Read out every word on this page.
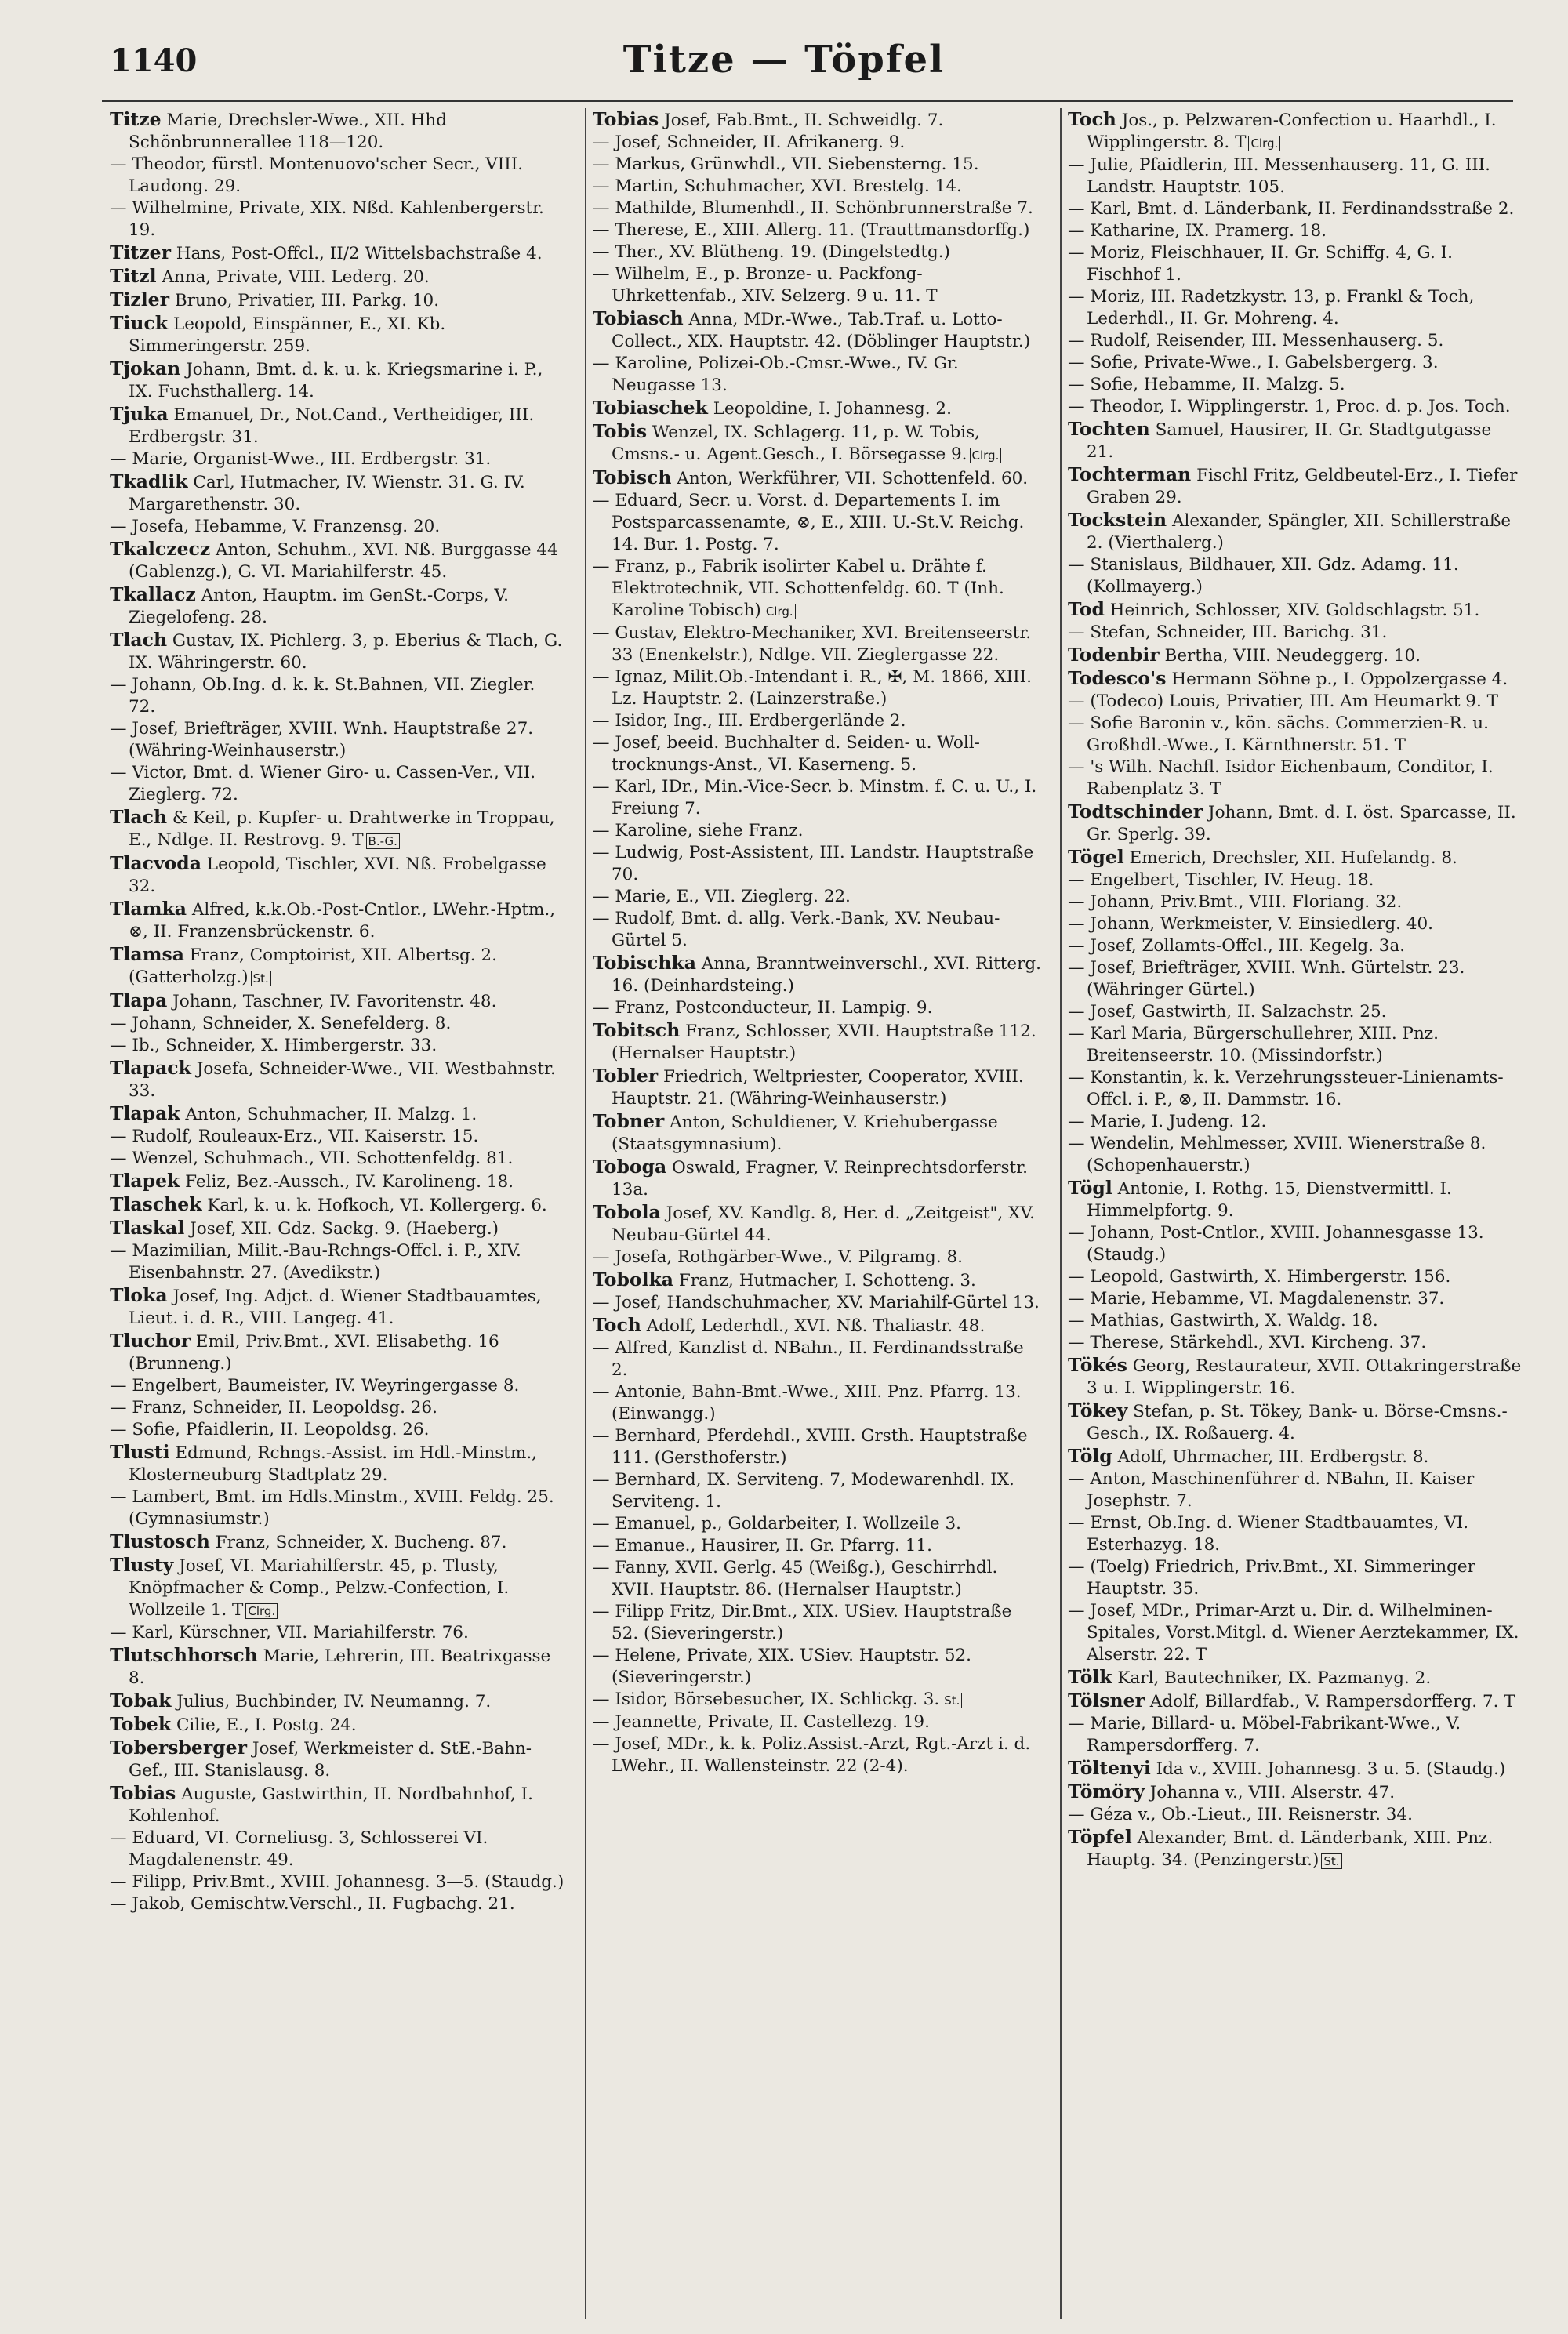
1140	Titze — Töpfel

Titze Marie, Drechsler-Wwe., XII. Hhd Schönbrunnerallee 118—120.

— Theodor, fürstl. Montenuovo'scher Secr., VIII. Laudong. 29.

— Wilhelmine, Private, XIX. Nßd. Kahlenbergerstr. 19.

Titzer Hans, Post-Offcl., II/2 Wittelsbachstraße 4.

Titzl Anna, Private, VIII. Lederg. 20.

Tizler Bruno, Privatier, III. Parkg. 10.

Tiuck Leopold, Einspänner, E., XI. Kb. Simmeringerstr. 259.

Tjokan Johann, Bmt. d. k. u. k. Kriegsmarine i. P., IX. Fuchsthallerg. 14.

Tjuka Emanuel, Dr., Not.Cand., Vertheidiger, III. Erdbergstr. 31.

— Marie, Organist-Wwe., III. Erdbergstr. 31.

Tkadlik Carl, Hutmacher, IV. Wienstr. 31. G. IV. Margarethenstr. 30.

— Josefa, Hebamme, V. Franzensg. 20.

Tkalczecz Anton, Schuhm., XVI. Nß. Burggasse 44 (Gablenzg.), G. VI. Mariahilferstr. 45.

Tkallacz Anton, Hauptm. im GenSt.-Corps, V. Ziegelofeng. 28.

Tlach Gustav, IX. Pichlerg. 3, p. Eberius & Tlach, G. IX. Währingerstr. 60.

— Johann, Ob.Ing. d. k. k. St.Bahnen, VII. Ziegler. 72.

— Josef, Briefträger, XVIII. Wnh. Hauptstraße 27. (Währing-Weinhauserstr.)

— Victor, Bmt. d. Wiener Giro- u. Cassen-Ver., VII. Zieglerg. 72.

Tlach & Keil, p. Kupfer- u. Drahtwerke in Troppau, E., Ndlge. II. Restrovg. 9. T B.-G.

Tlacvoda Leopold, Tischler, XVI. Nß. Frobelgasse 32.

Tlamka Alfred, k.k.Ob.-Post-Cntlor., LWehr.-Hptm., ⊗, II. Franzensbrückenstr. 6.

Tlamsa Franz, Comptoirist, XII. Albertsg. 2. (Gatterholzg.) St.

Tlapa Johann, Taschner, IV. Favoritenstr. 48.

— Johann, Schneider, X. Senefelderg. 8.

— Ib., Schneider, X. Himbergerstr. 33.

Tlapack Josefa, Schneider-Wwe., VII. Westbahnstr. 33.

Tlapak Anton, Schuhmacher, II. Malzg. 1.

— Rudolf, Rouleaux-Erz., VII. Kaiserstr. 15.

— Wenzel, Schuhmach., VII. Schottenfeldg. 81.

Tlapek Feliz, Bez.-Aussch., IV. Karolineng. 18.

Tlaschek Karl, k. u. k. Hofkoch, VI. Kollergerg. 6.

Tlaskal Josef, XII. Gdz. Sackg. 9. (Haeberg.)

— Mazimilian, Milit.-Bau-Rchngs-Offcl. i. P., XIV. Eisenbahnstr. 27. (Avedikstr.)

Tloka Josef, Ing. Adjct. d. Wiener Stadtbauamtes, Lieut. i. d. R., VIII. Langeg. 41.

Tluchor Emil, Priv.Bmt., XVI. Elisabethg. 16 (Brunneng.)

— Engelbert, Baumeister, IV. Weyringergasse 8.

— Franz, Schneider, II. Leopoldsg. 26.

— Sofie, Pfaidlerin, II. Leopoldsg. 26.

Tlusti Edmund, Rchngs.-Assist. im Hdl.-Minstm., Klosterneuburg Stadtplatz 29.

— Lambert, Bmt. im Hdls.Minstm., XVIII. Feldg. 25. (Gymnasiumstr.)

Tlustosch Franz, Schneider, X. Bucheng. 87.

Tlusty Josef, VI. Mariahilferstr. 45, p. Tlusty, Knöpfmacher & Comp., Pelzw.-Confection, I. Wollzeile 1. T Clrg.

— Karl, Kürschner, VII. Mariahilferstr. 76.

Tlutschhorsch Marie, Lehrerin, III. Beatrixgasse 8.

Tobak Julius, Buchbinder, IV. Neumanng. 7.

Tobek Cilie, E., I. Postg. 24.

Tobersberger Josef, Werkmeister d. StE.-Bahn-Gef., III. Stanislausg. 8.

Tobias Auguste, Gastwirthin, II. Nordbahnhof, I. Kohlenhof.

— Eduard, VI. Corneliusg. 3, Schlosserei VI. Magdalenenstr. 49.

— Filipp, Priv.Bmt., XVIII. Johannesg. 3—5. (Staudg.)

— Jakob, Gemischtw.Verschl., II. Fugbachg. 21.

Tobias Josef, Fab.Bmt., II. Schweidlg. 7.

— Josef, Schneider, II. Afrikanerg. 9.

— Markus, Grünwhdl., VII. Siebensterng. 15.

— Martin, Schuhmacher, XVI. Brestelg. 14.

— Mathilde, Blumenhdl., II. Schönbrunnerstraße 7.

— Therese, E., XIII. Allerg. 11. (Trauttmansdorffg.)

— Ther., XV. Blütheng. 19. (Dingelstedtg.)

— Wilhelm, E., p. Bronze- u. Packfong-Uhrkettenfab., XIV. Selzerg. 9 u. 11. T

Tobiasch Anna, MDr.-Wwe., Tab.Traf. u. Lotto-Collect., XIX. Hauptstr. 42. (Döblinger Hauptstr.)

— Karoline, Polizei-Ob.-Cmsr.-Wwe., IV. Gr. Neugasse 13.

Tobiaschek Leopoldine, I. Johannesg. 2.

Tobis Wenzel, IX. Schlagerg. 11, p. W. Tobis, Cmsns.- u. Agent.Gesch., I. Börsegasse 9. Clrg.

Tobisch Anton, Werkführer, VII. Schottenfeld. 60.

— Eduard, Secr. u. Vorst. d. Departements I. im Postsparcassenamte, ⊗, E., XIII. U.-St.V. Reichg. 14. Bur. 1. Postg. 7.

— Franz, p., Fabrik isolirter Kabel u. Drähte f. Elektrotechnik, VII. Schottenfeldg. 60. T (Inh. Karoline Tobisch) Clrg.

— Gustav, Elektro-Mechaniker, XVI. Breitenseerstr. 33 (Enenkelstr.), Ndlge. VII. Zieglergasse 22.

— Ignaz, Milit.Ob.-Intendant i. R., ✠, M. 1866, XIII. Lz. Hauptstr. 2. (Lainzerstraße.)

— Isidor, Ing., III. Erdbergerlände 2.

— Josef, beeid. Buchhalter d. Seiden- u. Woll-trocknungs-Anst., VI. Kaserneng. 5.

— Karl, IDr., Min.-Vice-Secr. b. Minstm. f. C. u. U., I. Freiung 7.

— Karoline, siehe Franz.

— Ludwig, Post-Assistent, III. Landstr. Hauptstraße 70.

— Marie, E., VII. Zieglerg. 22.

— Rudolf, Bmt. d. allg. Verk.-Bank, XV. Neubau-Gürtel 5.

Tobischka Anna, Branntweinverschl., XVI. Ritterg. 16. (Deinhardsteing.)

— Franz, Postconducteur, II. Lampig. 9.

Tobitsch Franz, Schlosser, XVII. Hauptstraße 112. (Hernalser Hauptstr.)

Tobler Friedrich, Weltpriester, Cooperator, XVIII. Hauptstr. 21. (Währing-Weinhauserstr.)

Tobner Anton, Schuldiener, V. Kriehubergasse (Staatsgymnasium).

Toboga Oswald, Fragner, V. Reinprechtsdorferstr. 13a.

Tobola Josef, XV. Kandlg. 8, Her. d. „Zeitgeist", XV. Neubau-Gürtel 44.

— Josefa, Rothgärber-Wwe., V. Pilgramg. 8.

Tobolka Franz, Hutmacher, I. Schotteng. 3.

— Josef, Handschuhmacher, XV. Mariahilf-Gürtel 13.

Toch Adolf, Lederhdl., XVI. Nß. Thaliastr. 48.

— Alfred, Kanzlist d. NBahn., II. Ferdinandsstraße 2.

— Antonie, Bahn-Bmt.-Wwe., XIII. Pnz. Pfarrg. 13. (Einwangg.)

— Bernhard, Pferdehdl., XVIII. Grsth. Hauptstraße 111. (Gersthoferstr.)

— Bernhard, IX. Serviteng. 7, Modewarenhdl. IX. Serviteng. 1.

— Emanuel, p., Goldarbeiter, I. Wollzeile 3.

— Emanue., Hausirer, II. Gr. Pfarrg. 11.

— Fanny, XVII. Gerlg. 45 (Weißg.), Geschirrhdl. XVII. Hauptstr. 86. (Hernalser Hauptstr.)

— Filipp Fritz, Dir.Bmt., XIX. USiev. Hauptstraße 52. (Sieveringerstr.)

— Helene, Private, XIX. USiev. Hauptstr. 52. (Sieveringerstr.)

— Isidor, Börsebesucher, IX. Schlickg. 3. St.

— Jeannette, Private, II. Castellezg. 19.

— Josef, MDr., k. k. Poliz.Assist.-Arzt, Rgt.-Arzt i. d. LWehr., II. Wallensteinstr. 22 (2-4).

Toch Jos., p. Pelzwaren-Confection u. Haarhdl., I. Wipplingerstr. 8. T Clrg.

— Julie, Pfaidlerin, III. Messenhauserg. 11, G. III. Landstr. Hauptstr. 105.

— Karl, Bmt. d. Länderbank, II. Ferdinandsstraße 2.

— Katharine, IX. Pramerg. 18.

— Moriz, Fleischhauer, II. Gr. Schiffg. 4, G. I. Fischhof 1.

— Moriz, III. Radetzkystr. 13, p. Frankl & Toch, Lederhdl., II. Gr. Mohreng. 4.

— Rudolf, Reisender, III. Messenhauserg. 5.

— Sofie, Private-Wwe., I. Gabelsbergerg. 3.

— Sofie, Hebamme, II. Malzg. 5.

— Theodor, I. Wipplingerstr. 1, Proc. d. p. Jos. Toch.

Tochten Samuel, Hausirer, II. Gr. Stadtgutgasse 21.

Tochterman Fischl Fritz, Geldbeutel-Erz., I. Tiefer Graben 29.

Tockstein Alexander, Spängler, XII. Schillerstraße 2. (Vierthalerg.)

— Stanislaus, Bildhauer, XII. Gdz. Adamg. 11. (Kollmayerg.)

Tod Heinrich, Schlosser, XIV. Goldschlagstr. 51.

— Stefan, Schneider, III. Barichg. 31.

Todenbir Bertha, VIII. Neudeggerg. 10.

Todesco's Hermann Söhne p., I. Oppolzergasse 4.

— (Todeco) Louis, Privatier, III. Am Heumarkt 9. T

— Sofie Baronin v., kön. sächs. Commerzien-R. u. Großhdl.-Wwe., I. Kärnthnerstr. 51. T

— 's Wilh. Nachfl. Isidor Eichenbaum, Conditor, I. Rabenplatz 3. T

Todtschinder Johann, Bmt. d. I. öst. Sparcasse, II. Gr. Sperlg. 39.

Tögel Emerich, Drechsler, XII. Hufelandg. 8.

— Engelbert, Tischler, IV. Heug. 18.

— Johann, Priv.Bmt., VIII. Floriang. 32.

— Johann, Werkmeister, V. Einsiedlerg. 40.

— Josef, Zollamts-Offcl., III. Kegelg. 3a.

— Josef, Briefträger, XVIII. Wnh. Gürtelstr. 23. (Währinger Gürtel.)

— Josef, Gastwirth, II. Salzachstr. 25.

— Karl Maria, Bürgerschullehrer, XIII. Pnz. Breitenseerstr. 10. (Missindorfstr.)

— Konstantin, k. k. Verzehrungssteuer-Linienamts-Offcl. i. P., ⊗, II. Dammstr. 16.

— Marie, I. Judeng. 12.

— Wendelin, Mehlmesser, XVIII. Wienerstraße 8. (Schopenhauerstr.)

Tögl Antonie, I. Rothg. 15, Dienstvermittl. I. Himmelpfortg. 9.

— Johann, Post-Cntlor., XVIII. Johannesgasse 13. (Staudg.)

— Leopold, Gastwirth, X. Himbergerstr. 156.

— Marie, Hebamme, VI. Magdalenenstr. 37.

— Mathias, Gastwirth, X. Waldg. 18.

— Therese, Stärkehdl., XVI. Kircheng. 37.

Tökés Georg, Restaurateur, XVII. Ottakringerstraße 3 u. I. Wipplingerstr. 16.

Tökey Stefan, p. St. Tökey, Bank- u. Börse-Cmsns.-Gesch., IX. Roßauerg. 4.

Tölg Adolf, Uhrmacher, III. Erdbergstr. 8.

— Anton, Maschinenführer d. NBahn, II. Kaiser Josephstr. 7.

— Ernst, Ob.Ing. d. Wiener Stadtbauamtes, VI. Esterhazyg. 18.

— (Toelg) Friedrich, Priv.Bmt., XI. Simmeringer Hauptstr. 35.

— Josef, MDr., Primar-Arzt u. Dir. d. Wilhelminen-Spitales, Vorst.Mitgl. d. Wiener Aerztekammer, IX. Alserstr. 22. T

Tölk Karl, Bautechniker, IX. Pazmanyg. 2.

Tölsner Adolf, Billardfab., V. Rampersdorfferg. 7. T

— Marie, Billard- u. Möbel-Fabrikant-Wwe., V. Rampersdorfferg. 7.

Töltenyi Ida v., XVIII. Johannesg. 3 u. 5. (Staudg.)

Tömöry Johanna v., VIII. Alserstr. 47.

— Géza v., Ob.-Lieut., III. Reisnerstr. 34.

Töpfel Alexander, Bmt. d. Länderbank, XIII. Pnz. Hauptg. 34. (Penzingerstr.) St.
